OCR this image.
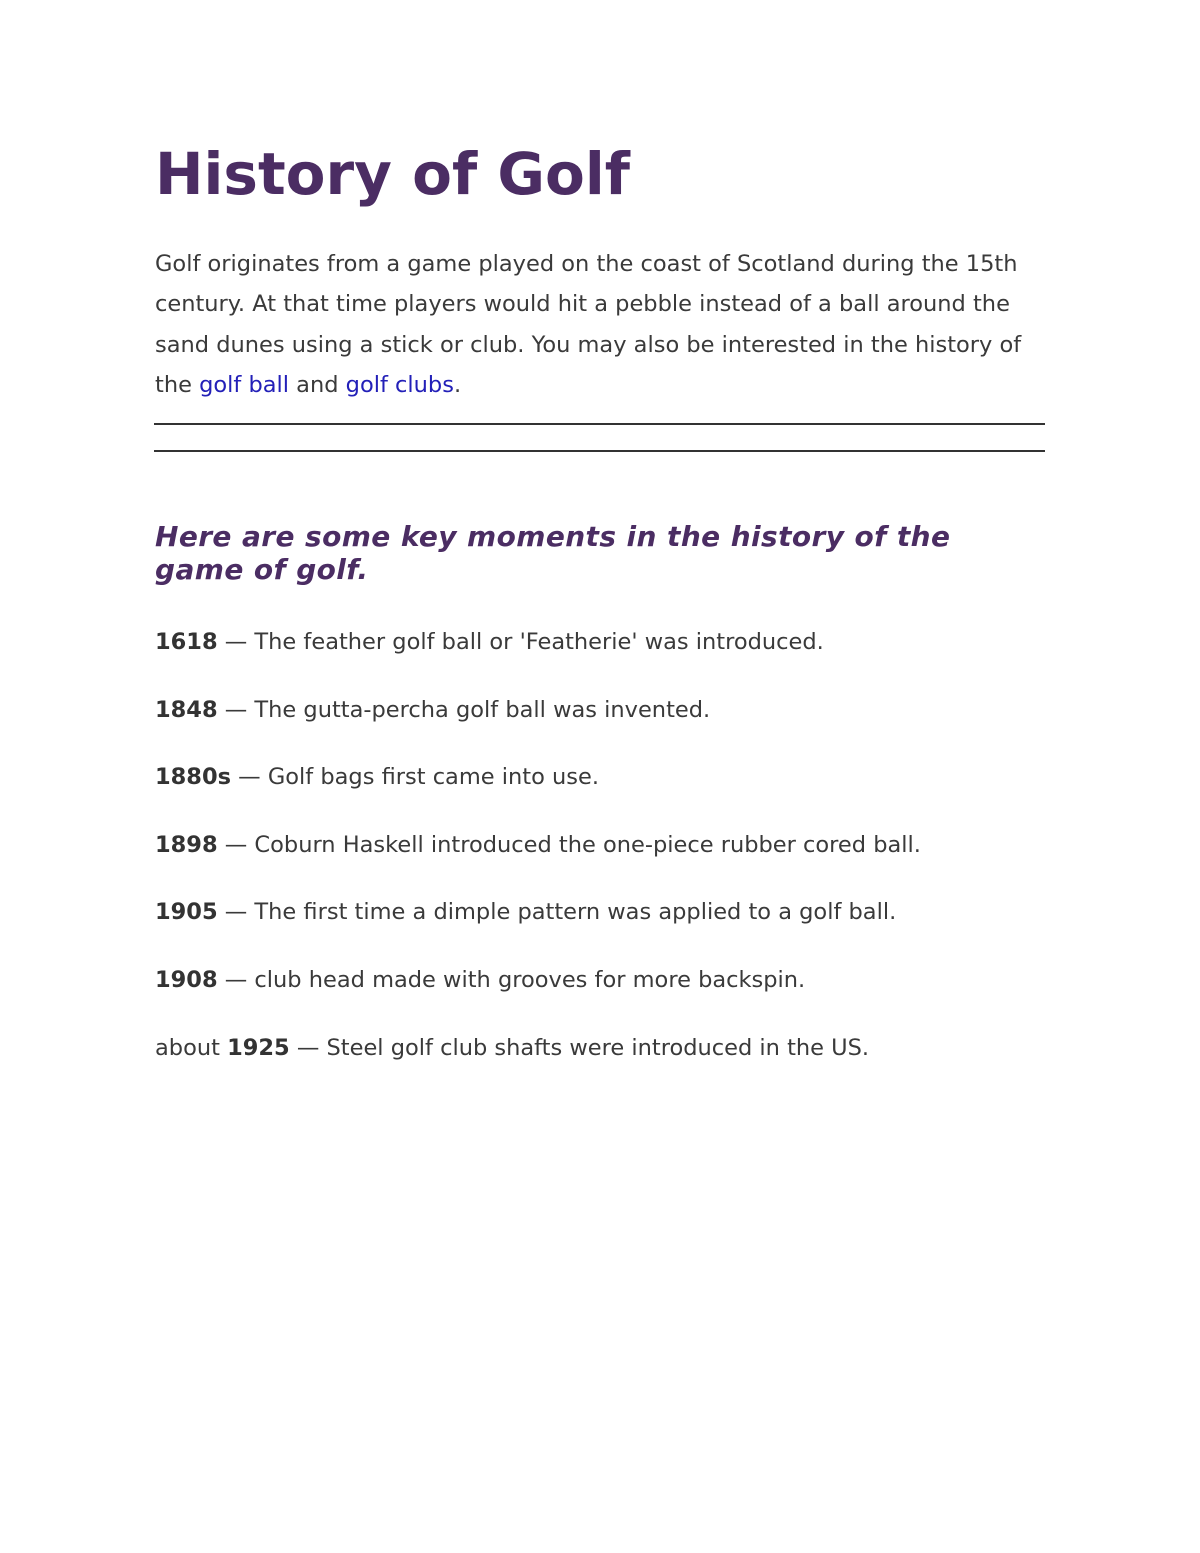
History of Golf

Golf originates from a game played on the coast of Scotland during the 15th century. At that time players would hit a pebble instead of a ball around the sand dunes using a stick or club. You may also be interested in the history of the golf ball and golf clubs.

Here are some key moments in the history of the game of golf.
1618 — The feather golf ball or 'Featherie' was introduced.
1848 — The gutta-percha golf ball was invented.
1880s — Golf bags first came into use.
1898 — Coburn Haskell introduced the one-piece rubber cored ball.
1905 — The first time a dimple pattern was applied to a golf ball.
1908 — club head made with grooves for more backspin.
about 1925 — Steel golf club shafts were introduced in the US.
